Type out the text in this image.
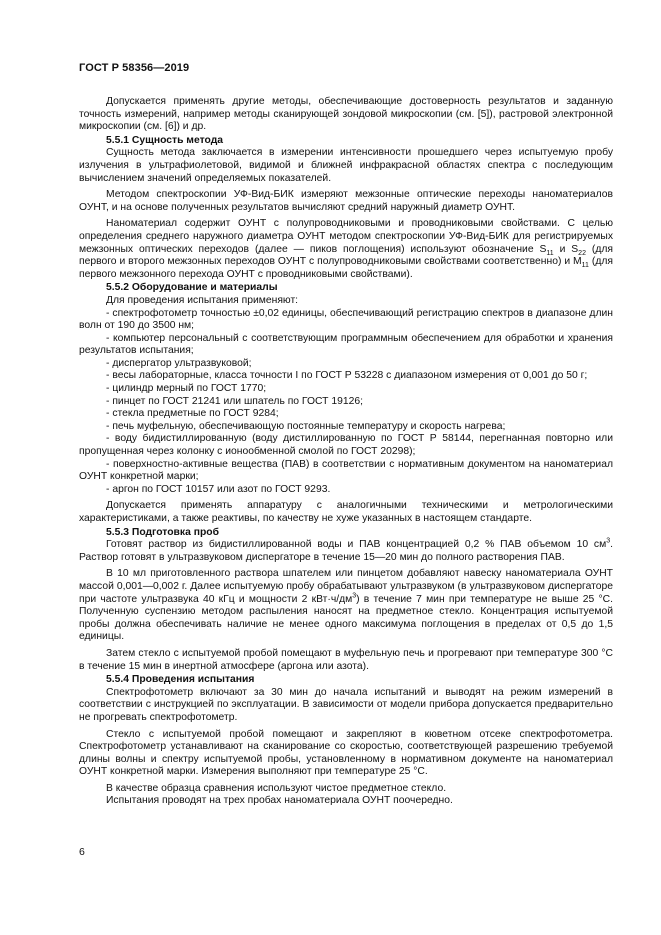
ГОСТ Р 58356—2019

Допускается применять другие методы, обеспечивающие достоверность результатов и заданную точность измерений, например методы сканирующей зондовой микроскопии (см. [5]), растровой электронной микроскопии (см. [6]) и др.

5.5.1 Сущность метода

Сущность метода заключается в измерении интенсивности прошедшего через испытуемую пробу излучения в ультрафиолетовой, видимой и ближней инфракрасной областях спектра с последующим вычислением значений определяемых показателей.

Методом спектроскопии УФ-Вид-БИК измеряют межзонные оптические переходы наноматериалов ОУНТ, и на основе полученных результатов вычисляют средний наружный диаметр ОУНТ.

Наноматериал содержит ОУНТ с полупроводниковыми и проводниковыми свойствами. С целью определения среднего наружного диаметра ОУНТ методом спектроскопии УФ-Вид-БИК для регистрируемых межзонных оптических переходов (далее — пиков поглощения) используют обозначение $S_{11}$ и $S_{22}$ (для первого и второго межзонных переходов ОУНТ с полупроводниковыми свойствами соответственно) и $M_{11}$ (для первого межзонного перехода ОУНТ с проводниковыми свойствами).

5.5.2 Оборудование и материалы

Для проведения испытания применяют:

- спектрофотометр точностью ±0,02 единицы, обеспечивающий регистрацию спектров в диапазоне длин волн от 190 до 3500 нм;

- компьютер персональный с соответствующим программным обеспечением для обработки и хранения результатов испытания;

- диспергатор ультразвуковой;

- весы лабораторные, класса точности I по ГОСТ Р 53228 с диапазоном измерения от 0,001 до 50 г;

- цилиндр мерный по ГОСТ 1770;

- пинцет по ГОСТ 21241 или шпатель по ГОСТ 19126;

- стекла предметные по ГОСТ 9284;

- печь муфельную, обеспечивающую постоянные температуру и скорость нагрева;

- воду бидистиллированную (воду дистиллированную по ГОСТ Р 58144, перегнанная повторно или пропущенная через колонку с ионообменной смолой по ГОСТ 20298);

- поверхностно-активные вещества (ПАВ) в соответствии с нормативным документом на наноматериал ОУНТ конкретной марки;

- аргон по ГОСТ 10157 или азот по ГОСТ 9293.

Допускается применять аппаратуру с аналогичными техническими и метрологическими характеристиками, а также реактивы, по качеству не хуже указанных в настоящем стандарте.

5.5.3 Подготовка проб

Готовят раствор из бидистиллированной воды и ПАВ концентрацией 0,2 % ПАВ объемом 10 $см^3$. Раствор готовят в ультразвуковом диспергаторе в течение 15—20 мин до полного растворения ПАВ.

В 10 мл приготовленного раствора шпателем или пинцетом добавляют навеску наноматериала ОУНТ массой 0,001—0,002 г. Далее испытуемую пробу обрабатывают ультразвуком (в ультразвуковом диспергаторе при частоте ультразвука 40 кГц и мощности 2 $кВт\cdot ч/дм^3$) в течение 7 мин при температуре не выше 25 °С. Полученную суспензию методом распыления наносят на предметное стекло. Концентрация испытуемой пробы должна обеспечивать наличие не менее одного максимума поглощения в пределах от 0,5 до 1,5 единицы.

Затем стекло с испытуемой пробой помещают в муфельную печь и прогревают при температуре 300 °С в течение 15 мин в инертной атмосфере (аргона или азота).

5.5.4 Проведения испытания

Спектрофотометр включают за 30 мин до начала испытаний и выводят на режим измерений в соответствии с инструкцией по эксплуатации. В зависимости от модели прибора допускается предварительно не прогревать спектрофотометр.

Стекло с испытуемой пробой помещают и закрепляют в кюветном отсеке спектрофотометра. Спектрофотометр устанавливают на сканирование со скоростью, соответствующей разрешению требуемой длины волны и спектру испытуемой пробы, установленному в нормативном документе на наноматериал ОУНТ конкретной марки. Измерения выполняют при температуре 25 °С.

В качестве образца сравнения используют чистое предметное стекло.

Испытания проводят на трех пробах наноматериала ОУНТ поочередно.

6
